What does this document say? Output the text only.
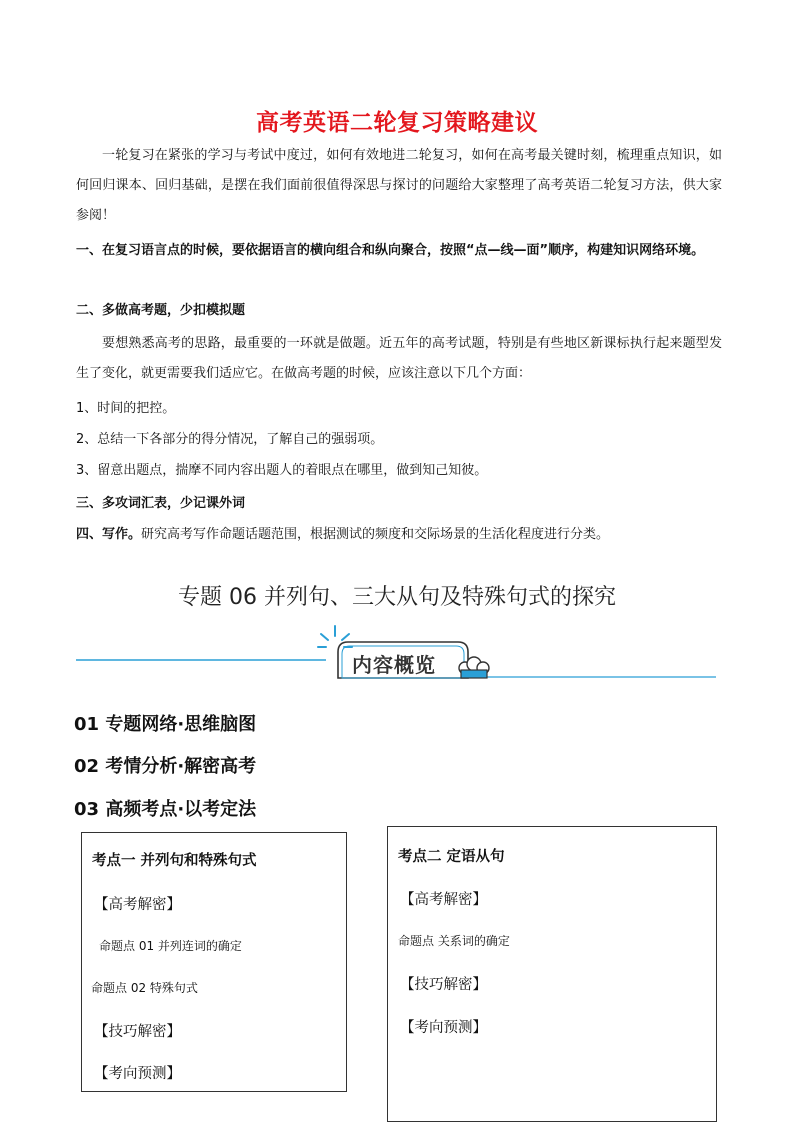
高考英语二轮复习策略建议

一轮复习在紧张的学习与考试中度过，如何有效地进二轮复习，如何在高考最关键时刻，梳理重点知识，如何回归课本、回归基础，是摆在我们面前很值得深思与探讨的问题给大家整理了高考英语二轮复习方法，供大家参阅！

一、在复习语言点的时候，要依据语言的横向组合和纵向聚合，按照“点—线—面”顺序，构建知识网络环境。

二、多做高考题，少扣模拟题

要想熟悉高考的思路，最重要的一环就是做题。近五年的高考试题，特别是有些地区新课标执行起来题型发生了变化，就更需要我们适应它。在做高考题的时候，应该注意以下几个方面：

1、时间的把控。
2、总结一下各部分的得分情况，了解自己的强弱项。
3、留意出题点，揣摩不同内容出题人的着眼点在哪里，做到知己知彼。
三、多攻词汇表，少记课外词
四、写作。研究高考写作命题话题范围，根据测试的频度和交际场景的生活化程度进行分类。
专题 06 并列句、三大从句及特殊句式的探究
内容概览
01 专题网络·思维脑图
02 考情分析·解密高考
03 高频考点·以考定法
考点一 并列句和特殊句式
【高考解密】
命题点 01 并列连词的确定
命题点 02 特殊句式
【技巧解密】
【考向预测】
考点二 定语从句
【高考解密】
命题点 关系词的确定
【技巧解密】
【考向预测】
